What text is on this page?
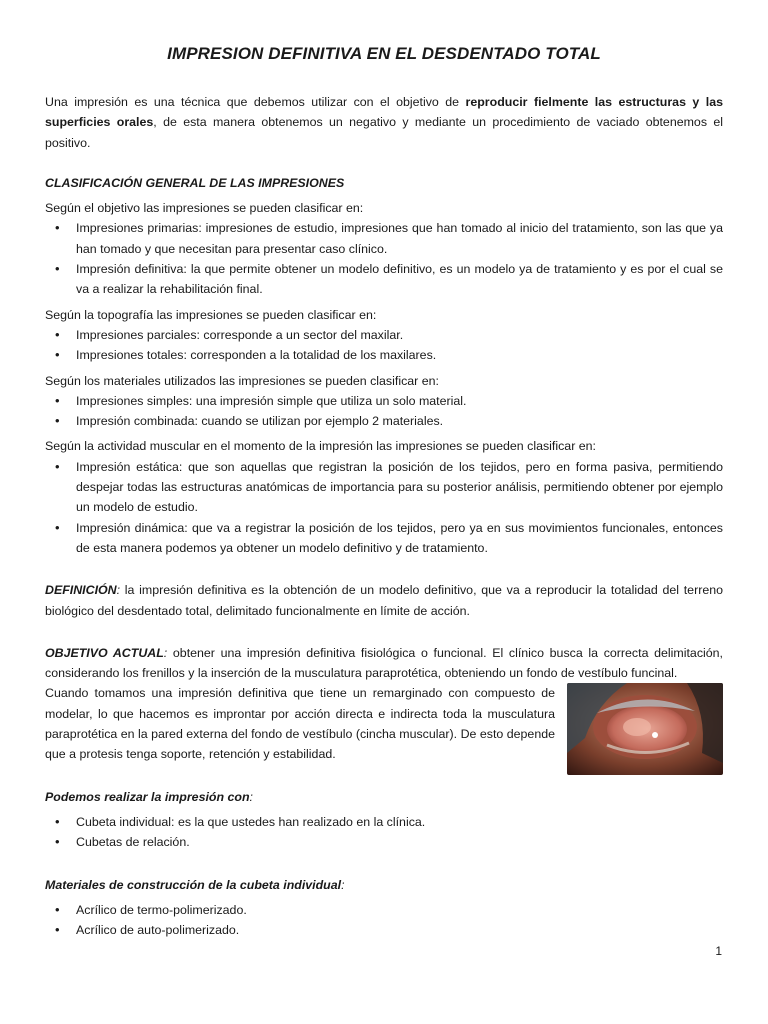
IMPRESION DEFINITIVA EN EL DESDENTADO TOTAL

Una impresión es una técnica que debemos utilizar con el objetivo de reproducir fielmente las estructuras y las superficies orales, de esta manera obtenemos un negativo y mediante un procedimiento de vaciado obtenemos el positivo.

CLASIFICACIÓN GENERAL DE LAS IMPRESIONES

Según el objetivo las impresiones se pueden clasificar en:

• Impresiones primarias: impresiones de estudio, impresiones que han tomado al inicio del tratamiento, son las que ya han tomado y que necesitan para presentar caso clínico.
• Impresión definitiva: la que permite obtener un modelo definitivo, es un modelo ya de tratamiento y es por el cual se va a realizar la rehabilitación final.

Según la topografía las impresiones se pueden clasificar en:

• Impresiones parciales: corresponde a un sector del maxilar.
• Impresiones totales: corresponden a la totalidad de los maxilares.

Según los materiales utilizados las impresiones se pueden clasificar en:

• Impresiones simples: una impresión simple que utiliza un solo material.
• Impresión combinada: cuando se utilizan por ejemplo 2 materiales.

Según la actividad muscular en el momento de la impresión las impresiones se pueden clasificar en:

• Impresión estática: que son aquellas que registran la posición de los tejidos, pero en forma pasiva, permitiendo despejar todas las estructuras anatómicas de importancia para su posterior análisis, permitiendo obtener por ejemplo un modelo de estudio.
• Impresión dinámica: que va a registrar la posición de los tejidos, pero ya en sus movimientos funcionales, entonces de esta manera podemos ya obtener un modelo definitivo y de tratamiento.

DEFINICIÓN: la impresión definitiva es la obtención de un modelo definitivo, que va a reproducir la totalidad del terreno biológico del desdentado total, delimitado funcionalmente en límite de acción.

OBJETIVO ACTUAL: obtener una impresión definitiva fisiológica o funcional. El clínico busca la correcta delimitación, considerando los frenillos y la inserción de la musculatura paraprotética, obteniendo un fondo de vestíbulo funcinal.

Cuando tomamos una impresión definitiva que tiene un remarginado con compuesto de modelar, lo que hacemos es improntar por acción directa e indirecta toda la musculatura paraprotética en la pared externa del fondo de vestíbulo (cincha muscular). De esto depende que a protesis tenga soporte, retención y estabilidad.

Podemos realizar la impresión con:

• Cubeta individual: es la que ustedes han realizado en la clínica.
• Cubetas de relación.

Materiales de construcción de la cubeta individual:

• Acrílico de termo-polimerizado.
• Acrílico de auto-polimerizado.
1
